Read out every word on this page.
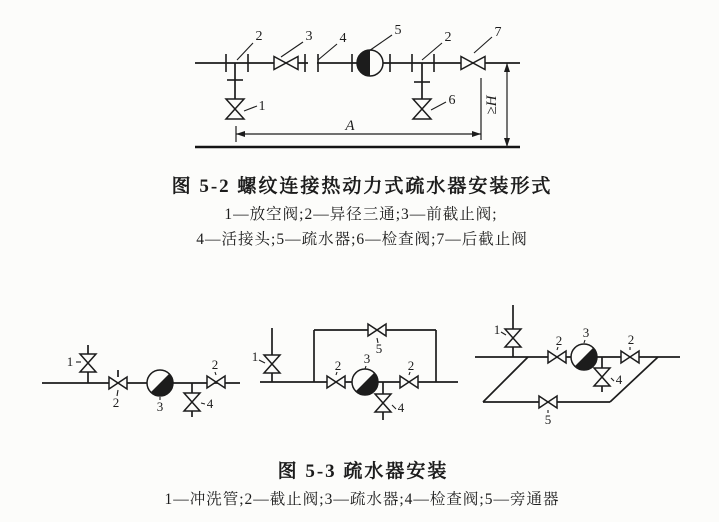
A
≥H
1
2	3 4
5	2
6
7
图 5-2 螺纹连接热动力式疏水器安装形式
1—放空阀;2—异径三通;3—前截止阀;
4—活接头;5—疏水器;6—检查阀;7—后截止阀
1
2	3	4
2
1
5
2 3
4
2
1
2
3
4
2
5
图 5-3 疏水器安装
1—冲洗管;2—截止阀;3—疏水器;4—检查阀;5—旁通器
